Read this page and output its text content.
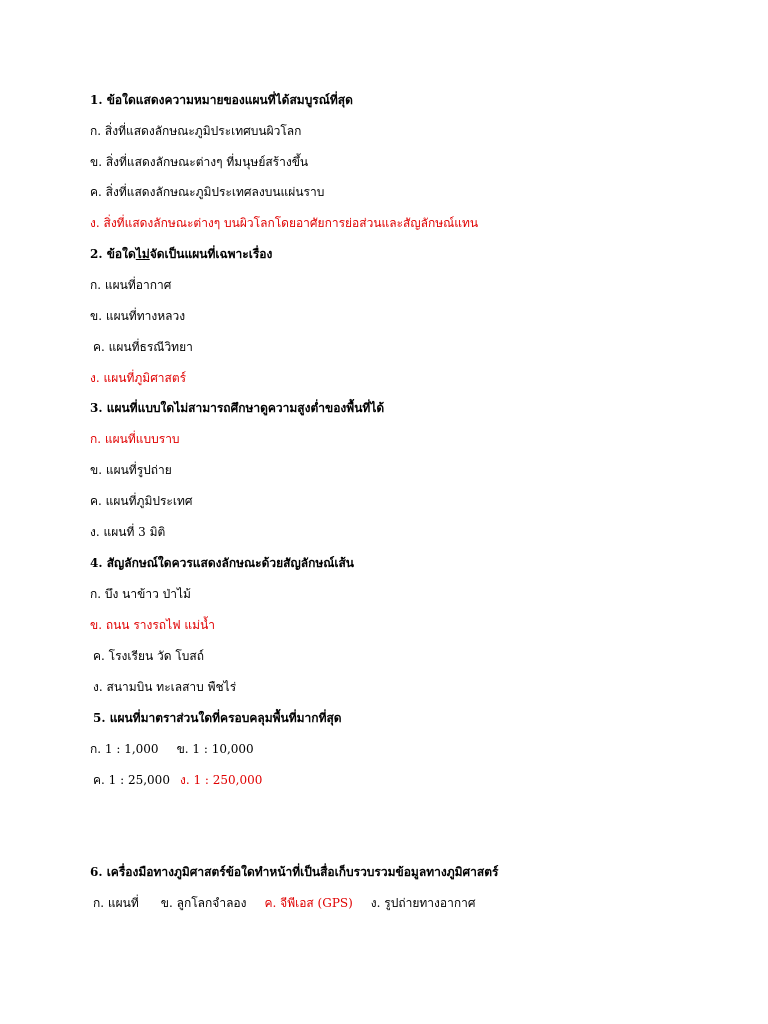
1. ข้อใดแสดงความหมายของแผนที่ได้สมบูรณ์ที่สุด
ก. สิ่งที่แสดงลักษณะภูมิประเทศบนผิวโลก
ข. สิ่งที่แสดงลักษณะต่างๆ ที่มนุษย์สร้างขึ้น
ค. สิ่งที่แสดงลักษณะภูมิประเทศลงบนแผ่นราบ
ง. สิ่งที่แสดงลักษณะต่างๆ บนผิวโลกโดยอาศัยการย่อส่วนและสัญลักษณ์แทน
2. ข้อใดไม่จัดเป็นแผนที่เฉพาะเรื่อง
ก. แผนที่อากาศ
ข. แผนที่ทางหลวง
ค. แผนที่ธรณีวิทยา
ง. แผนที่ภูมิศาสตร์
3. แผนที่แบบใดไม่สามารถศึกษาดูความสูงต่ำของพื้นที่ได้
ก. แผนที่แบบราบ
ข. แผนที่รูปถ่าย
ค. แผนที่ภูมิประเทศ
ง. แผนที่ 3 มิติ
4. สัญลักษณ์ใดควรแสดงลักษณะด้วยสัญลักษณ์เส้น
ก. บึง นาข้าว ป่าไม้
ข. ถนน รางรถไฟ แม่น้ำ
ค. โรงเรียน วัด โบสถ์
ง. สนามบิน ทะเลสาบ พืชไร่
5. แผนที่มาตราส่วนใดที่ครอบคลุมพื้นที่มากที่สุด
ก. 1 : 1,000 ข. 1 : 10,000
ค. 1 : 25,000 ง. 1 : 250,000
6. เครื่องมือทางภูมิศาสตร์ข้อใดทำหน้าที่เป็นสื่อเก็บรวบรวมข้อมูลทางภูมิศาสตร์
ก. แผนที่ ข. ลูกโลกจำลอง ค. จีพีเอส (GPS) ง. รูปถ่ายทางอากาศ
